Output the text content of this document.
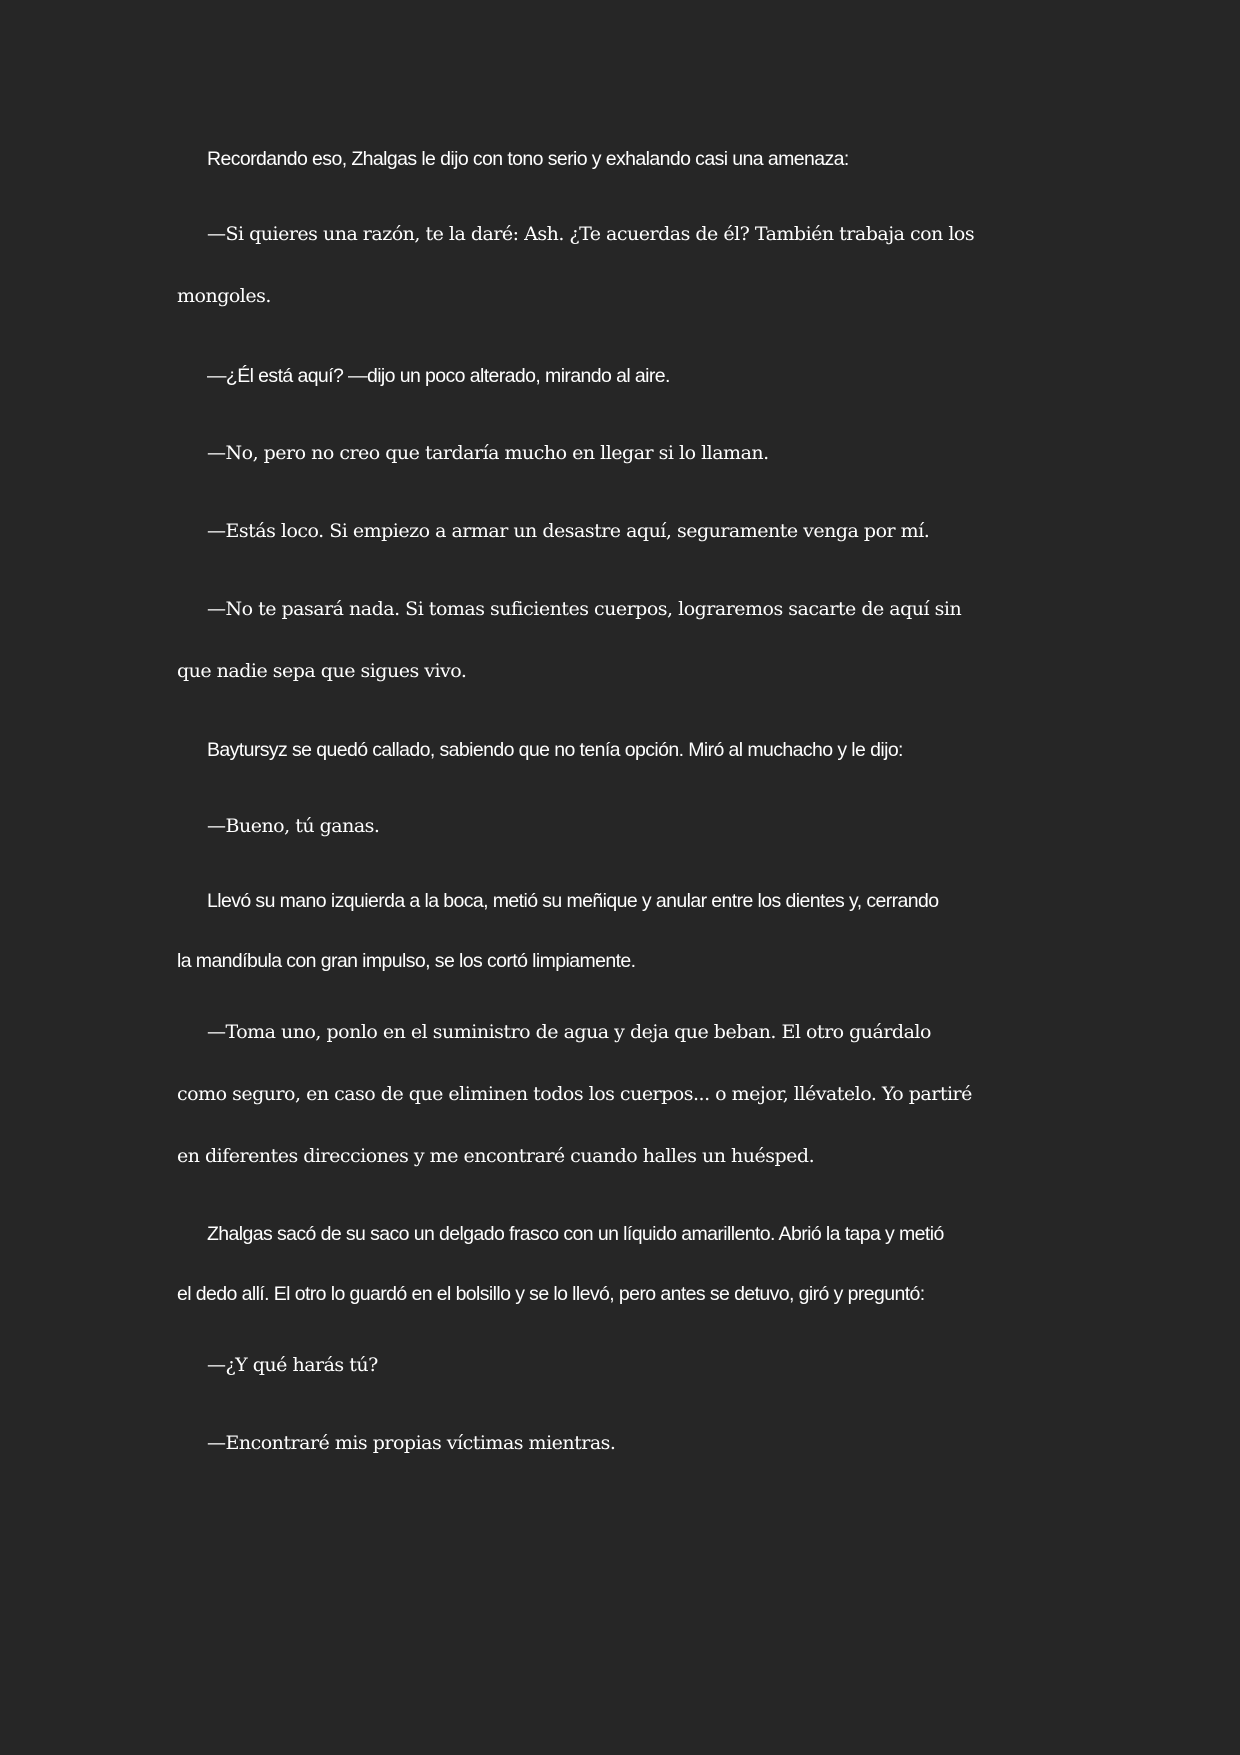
Recordando eso, Zhalgas le dijo con tono serio y exhalando casi una amenaza:
—Si quieres una razón, te la daré: Ash. ¿Te acuerdas de él? También trabaja con los
mongoles.
—¿Él está aquí? —dijo un poco alterado, mirando al aire.
—No, pero no creo que tardaría mucho en llegar si lo llaman.
—Estás loco. Si empiezo a armar un desastre aquí, seguramente venga por mí.
—No te pasará nada. Si tomas suficientes cuerpos, lograremos sacarte de aquí sin
que nadie sepa que sigues vivo.
Baytursyz se quedó callado, sabiendo que no tenía opción. Miró al muchacho y le dijo:
—Bueno, tú ganas.
Llevó su mano izquierda a la boca, metió su meñique y anular entre los dientes y, cerrando
la mandíbula con gran impulso, se los cortó limpiamente.
—Toma uno, ponlo en el suministro de agua y deja que beban. El otro guárdalo
como seguro, en caso de que eliminen todos los cuerpos... o mejor, llévatelo. Yo partiré
en diferentes direcciones y me encontraré cuando halles un huésped.
Zhalgas sacó de su saco un delgado frasco con un líquido amarillento. Abrió la tapa y metió
el dedo allí. El otro lo guardó en el bolsillo y se lo llevó, pero antes se detuvo, giró y preguntó:
—¿Y qué harás tú?
—Encontraré mis propias víctimas mientras.
